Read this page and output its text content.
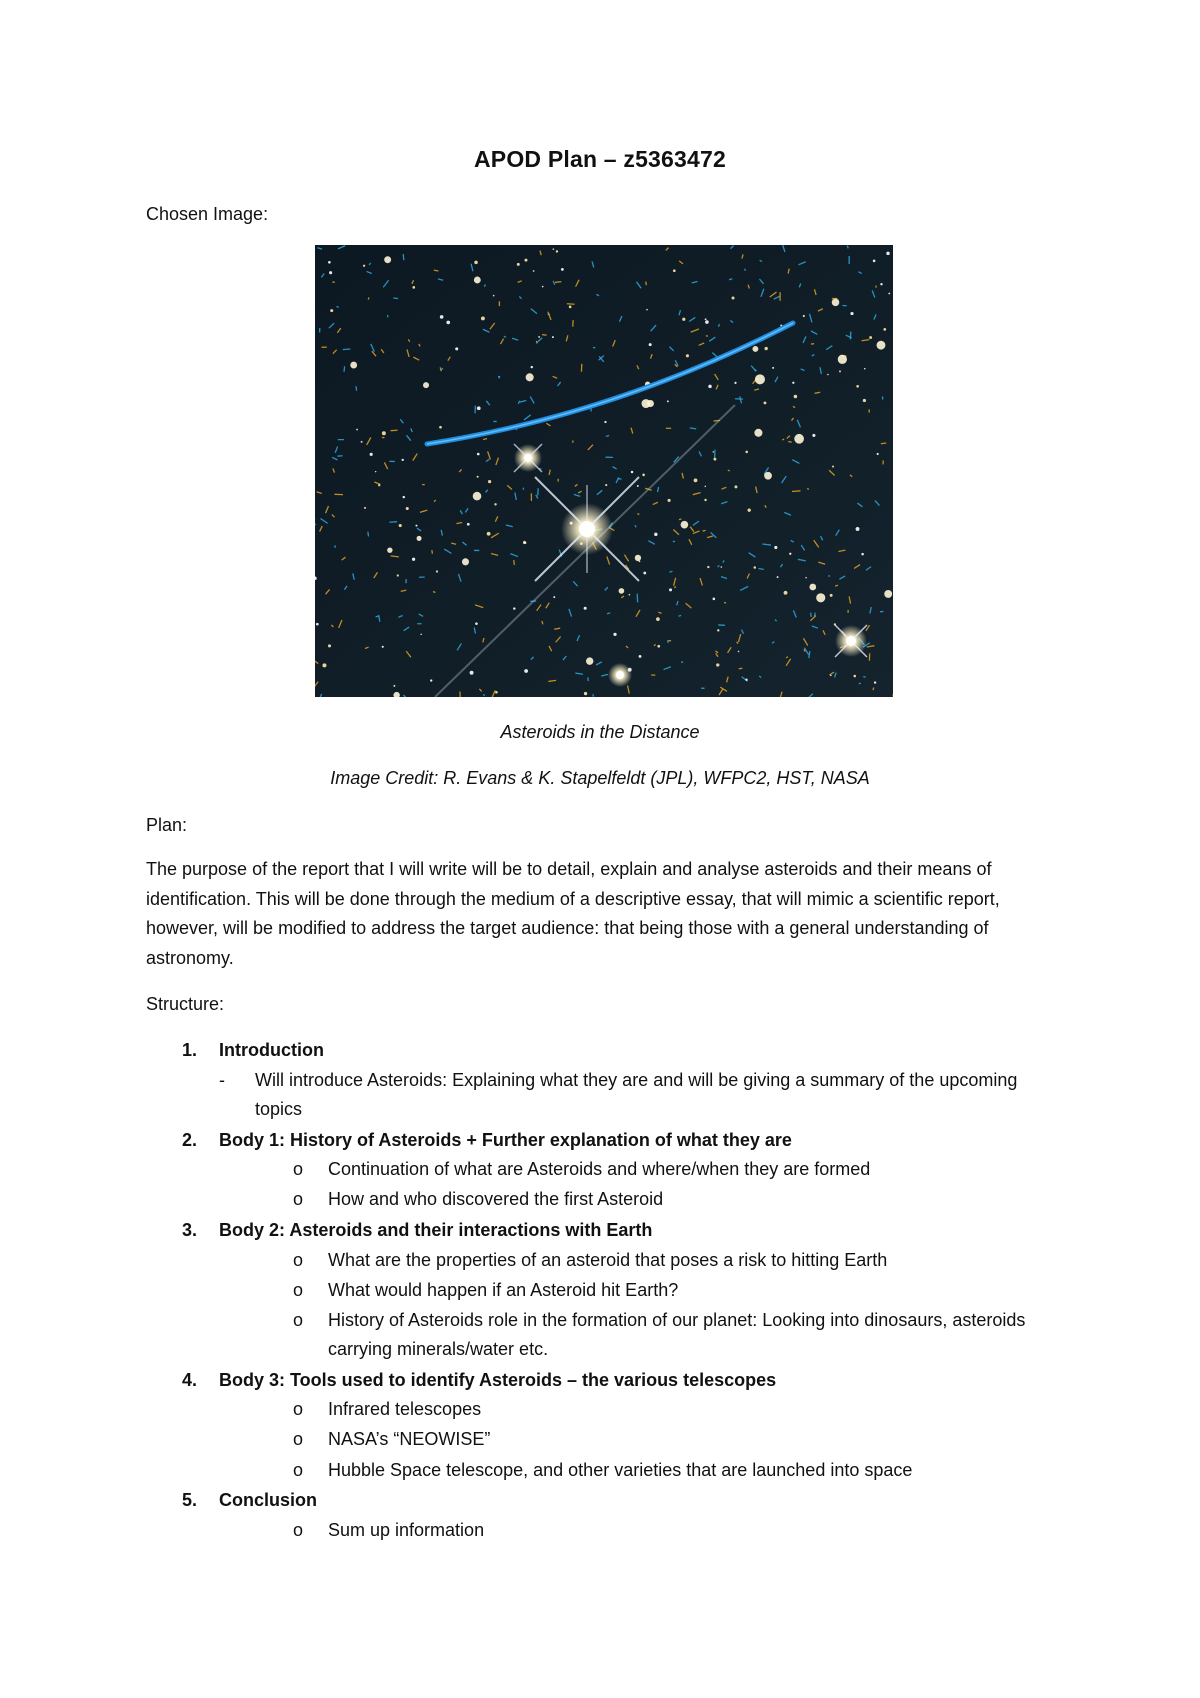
APOD Plan – z5363472
Chosen Image:
Asteroids in the Distance
Image Credit: R. Evans & K. Stapelfeldt (JPL), WFPC2, HST, NASA
Plan:

The purpose of the report that I will write will be to detail, explain and analyse asteroids and their means of identification. This will be done through the medium of a descriptive essay, that will mimic a scientific report, however, will be modified to address the target audience: that being those with a general understanding of astronomy.

Structure:
1. Introduction
- Will introduce Asteroids: Explaining what they are and will be giving a summary of the upcoming topics
2. Body 1: History of Asteroids + Further explanation of what they are
o Continuation of what are Asteroids and where/when they are formed
o How and who discovered the first Asteroid
3. Body 2: Asteroids and their interactions with Earth
o What are the properties of an asteroid that poses a risk to hitting Earth
o What would happen if an Asteroid hit Earth?
o History of Asteroids role in the formation of our planet: Looking into dinosaurs, asteroids carrying minerals/water etc.
4. Body 3: Tools used to identify Asteroids – the various telescopes
o Infrared telescopes
o NASA’s “NEOWISE”
o Hubble Space telescope, and other varieties that are launched into space
5. Conclusion
o Sum up information
